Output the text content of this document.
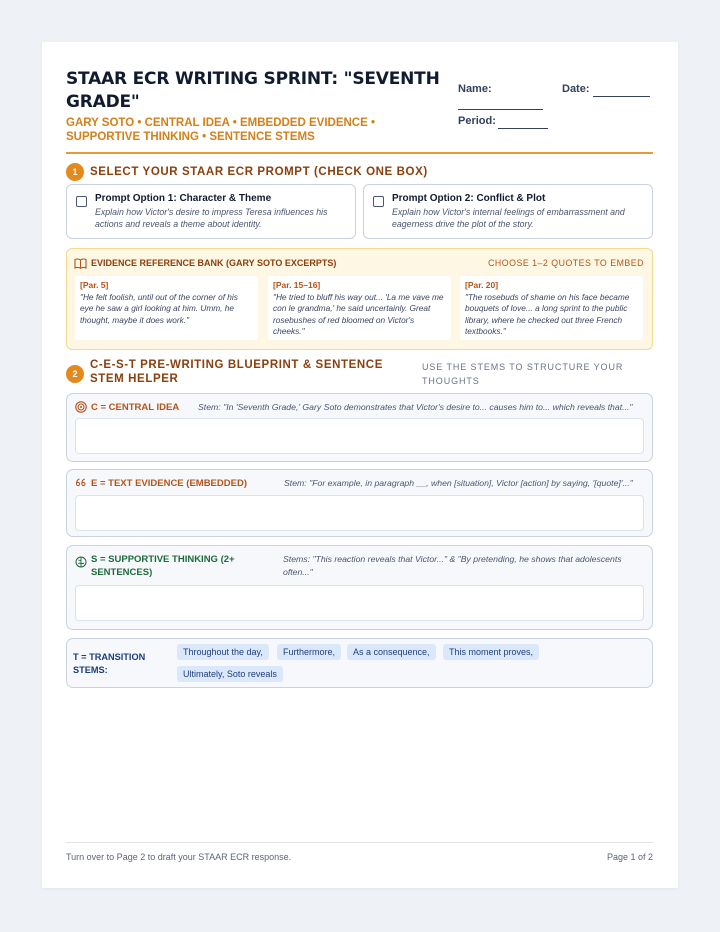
STAAR ECR WRITING SPRINT: "SEVENTH GRADE"
GARY SOTO • CENTRAL IDEA • EMBEDDED EVIDENCE • SUPPORTIVE THINKING • SENTENCE STEMS
Name:	Date:
Period:
1	SELECT YOUR STAAR ECR PROMPT (CHECK ONE BOX)
Prompt Option 1: Character & Theme
Explain how Victor's desire to impress Teresa influences his actions and reveals a theme about identity.
Prompt Option 2: Conflict & Plot
Explain how Victor's internal feelings of embarrassment and eagerness drive the plot of the story.
EVIDENCE REFERENCE BANK (GARY SOTO EXCERPTS)	CHOOSE 1–2 QUOTES TO EMBED
[Par. 5]
"He felt foolish, until out of the corner of his eye he saw a girl looking at him. Umm, he thought, maybe it does work."
[Par. 15–16]
"He tried to bluff his way out... 'La me vave me con le grandma,' he said uncertainly. Great rosebushes of red bloomed on Victor's cheeks."
[Par. 20]
"The rosebuds of shame on his face became bouquets of love... a long sprint to the public library, where he checked out three French textbooks."
2
C-E-S-T PRE-WRITING BLUEPRINT & SENTENCE STEM HELPER
USE THE STEMS TO STRUCTURE YOUR THOUGHTS
C = CENTRAL IDEA Stem: "In 'Seventh Grade,' Gary Soto demonstrates that Victor's desire to... causes him to... which reveals that..."
E = TEXT EVIDENCE (EMBEDDED)	Stem: "For example, in paragraph __, when [situation], Victor [action] by saying, '[quote]'..."
S = SUPPORTIVE THINKING (2+ SENTENCES)
Stems: "This reaction reveals that Victor..." & "By pretending, he shows that adolescents often..."
T = TRANSITION STEMS:
Throughout the day,	Furthermore,	As a consequence,	This moment proves,
Ultimately, Soto reveals
Turn over to Page 2 to draft your STAAR ECR response.	Page 1 of 2
